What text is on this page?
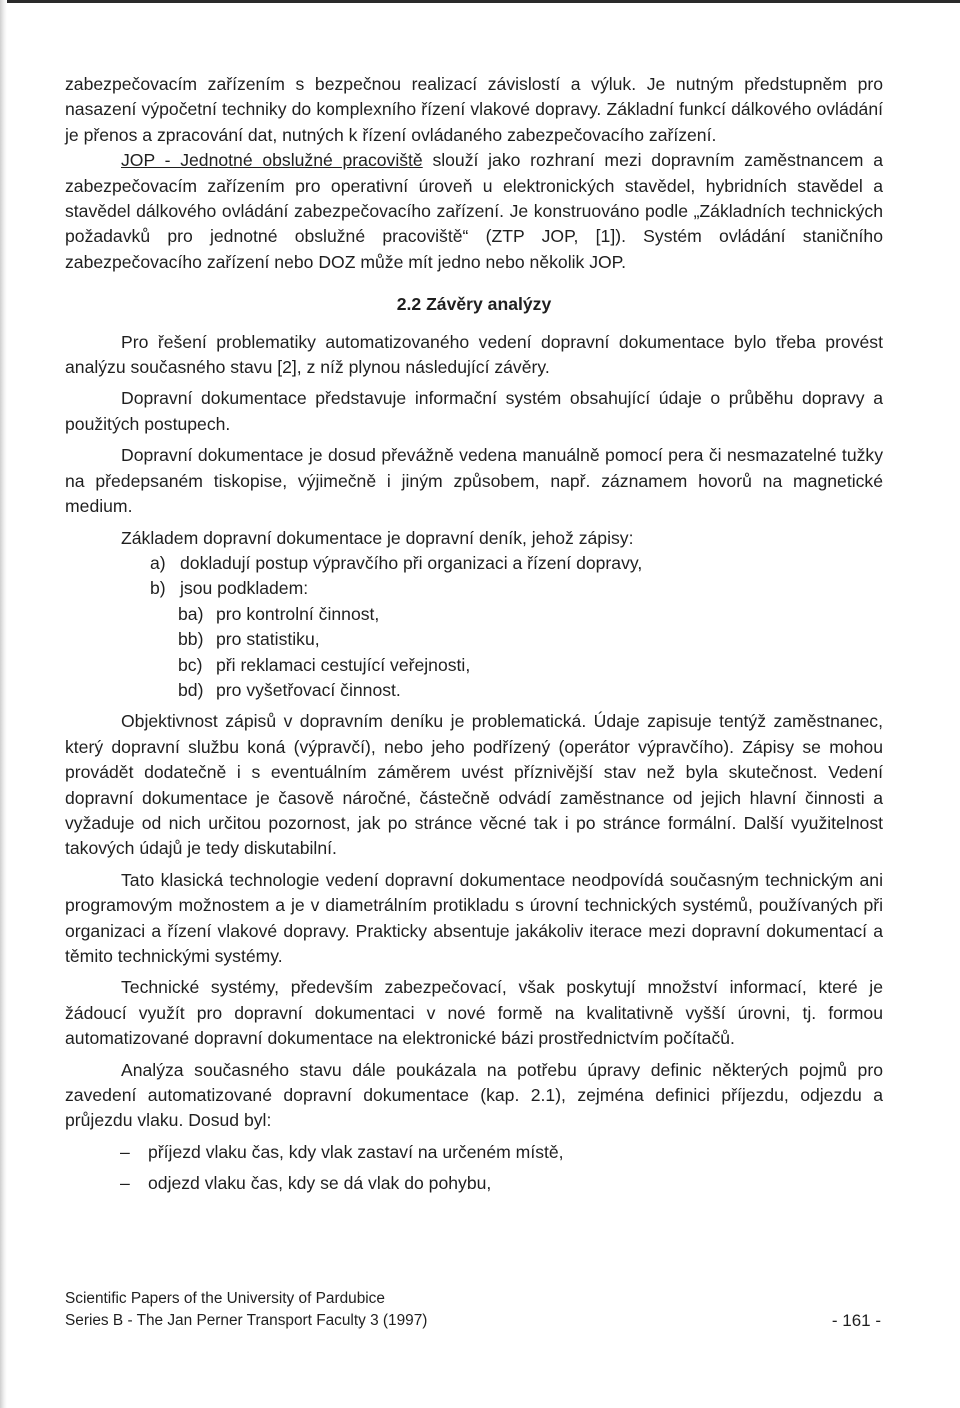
zabezpečovacím zařízením s bezpečnou realizací závislostí a výluk. Je nutným předstupněm pro nasazení výpočetní techniky do komplexního řízení vlakové dopravy. Základní funkcí dálkového ovládání je přenos a zpracování dat, nutných k řízení ovládaného zabezpečovacího zařízení.

JOP - Jednotné obslužné pracoviště slouží jako rozhraní mezi dopravním zaměstnancem a zabezpečovacím zařízením pro operativní úroveň u elektronických stavědel, hybridních stavědel a stavědel dálkového ovládání zabezpečovacího zařízení. Je konstruováno podle „Základních technických požadavků pro jednotné obslužné pracoviště“ (ZTP JOP, [1]). Systém ovládání staničního zabezpečovacího zařízení nebo DOZ může mít jedno nebo několik JOP.

2.2 Závěry analýzy

Pro řešení problematiky automatizovaného vedení dopravní dokumentace bylo třeba provést analýzu současného stavu [2], z níž plynou následující závěry.

Dopravní dokumentace představuje informační systém obsahující údaje o průběhu dopravy a použitých postupech.

Dopravní dokumentace je dosud převážně vedena manuálně pomocí pera či nesmazatelné tužky na předepsaném tiskopise, výjimečně i jiným způsobem, např. záznamem hovorů na magnetické medium.

Základem dopravní dokumentace je dopravní deník, jehož zápisy:

a) dokladují postup výpravčího při organizaci a řízení dopravy,
b) jsou podkladem:
ba) pro kontrolní činnost,
bb) pro statistiku,
bc) při reklamaci cestující veřejnosti,
bd) pro vyšetřovací činnost.

Objektivnost zápisů v dopravním deníku je problematická. Údaje zapisuje tentýž zaměstnanec, který dopravní službu koná (výpravčí), nebo jeho podřízený (operátor výpravčího). Zápisy se mohou provádět dodatečně i s eventuálním záměrem uvést příznivější stav než byla skutečnost. Vedení dopravní dokumentace je časově náročné, částečně odvádí zaměstnance od jejich hlavní činnosti a vyžaduje od nich určitou pozornost, jak po stránce věcné tak i po stránce formální. Další využitelnost takových údajů je tedy diskutabilní.

Tato klasická technologie vedení dopravní dokumentace neodpovídá současným technickým ani programovým možnostem a je v diametrálním protikladu s úrovní technických systémů, používaných při organizaci a řízení vlakové dopravy. Prakticky absentuje jakákoliv iterace mezi dopravní dokumentací a těmito technickými systémy.

Technické systémy, především zabezpečovací, však poskytují množství informací, které je žádoucí využít pro dopravní dokumentaci v nové formě na kvalitativně vyšší úrovni, tj. formou automatizované dopravní dokumentace na elektronické bázi prostřednictvím počítačů.

Analýza současného stavu dále poukázala na potřebu úpravy definic některých pojmů pro zavedení automatizované dopravní dokumentace (kap. 2.1), zejména definici příjezdu, odjezdu a průjezdu vlaku. Dosud byl:

– příjezd vlaku čas, kdy vlak zastaví na určeném místě,
– odjezd vlaku čas, kdy se dá vlak do pohybu,
Scientific Papers of the University of Pardubice
Series B - The Jan Perner Transport Faculty 3 (1997)	- 161 -
